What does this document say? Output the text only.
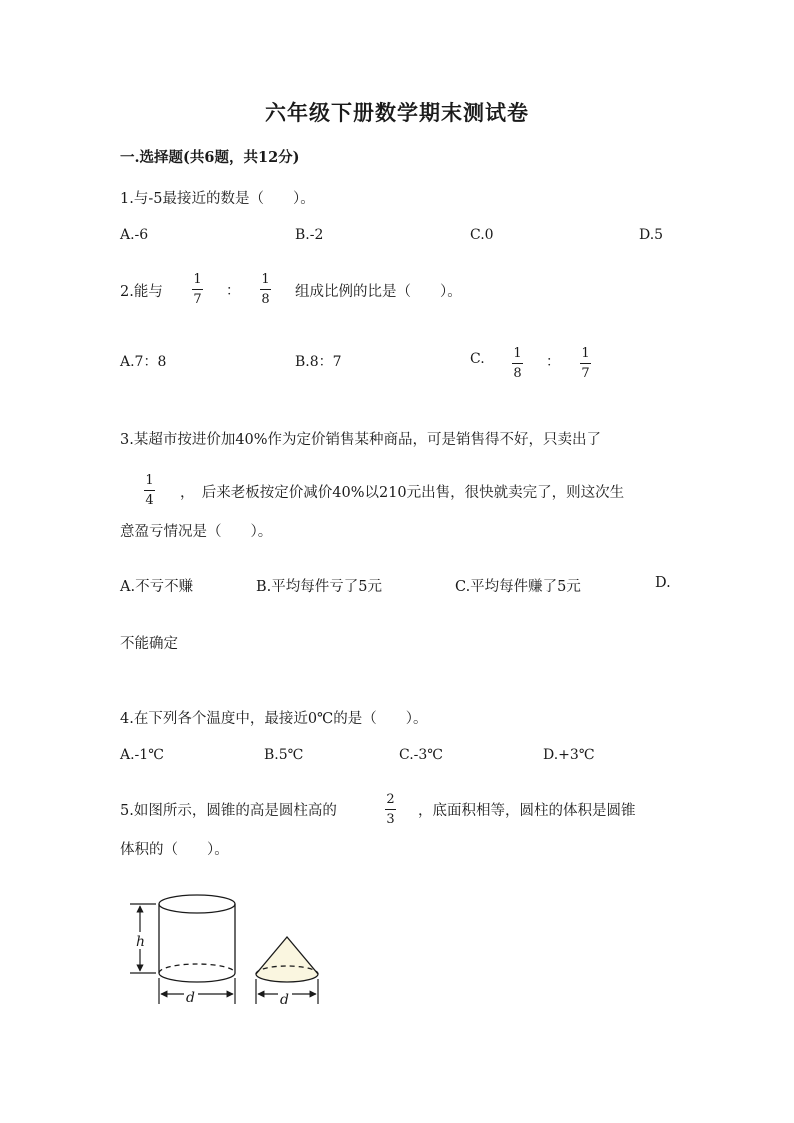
六年级下册数学期末测试卷
一.选择题(共6题，共12分)
1.与-5最接近的数是（　　）。
A.-6	B.-2	C.0	D.5
2.能与
1
7
：
1
8 组成比例的比是（　　）。
A.7：8	B.8：7	C. 1
8
：
1
7
3.某超市按进价加40%作为定价销售某种商品，可是销售得不好，只卖出了
1
4 ，　后来老板按定价减价40%以210元出售，很快就卖完了，则这次生
意盈亏情况是（　　）。
A.不亏不赚	B.平均每件亏了5元	C.平均每件赚了5元	D.
不能确定
4.在下列各个温度中，最接近0℃的是（　　）。
A.-1℃	B.5℃	C.-3℃	D.+3℃
5.如图所示，圆锥的高是圆柱高的
2
3
，底面积相等，圆柱的体积是圆锥
体积的（　　）。
h
d	d
